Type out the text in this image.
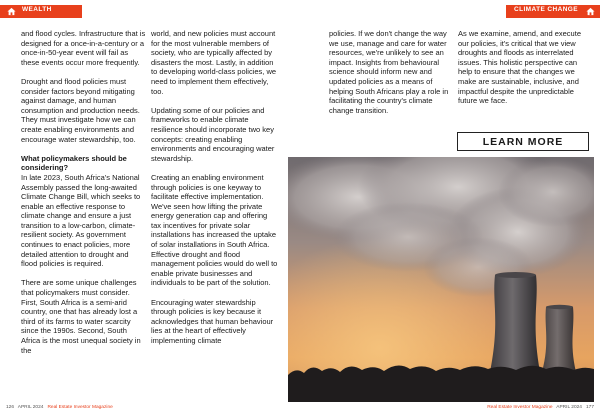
WEALTH	CLIMATE CHANGE

and flood cycles. Infrastructure that is designed for a once-in-a-century or a once-in-50-year event will fail as these events occur more frequently.

Drought and flood policies must consider factors beyond mitigating against damage, and human consumption and production needs. They must investigate how we can create enabling environments and encourage water stewardship, too.

What policymakers should be considering?

In late 2023, South Africa's National Assembly passed the long-awaited Climate Change Bill, which seeks to enable an effective response to climate change and ensure a just transition to a low-carbon, climate-resilient society. As government continues to enact policies, more detailed attention to drought and flood policies is required.

There are some unique challenges that policymakers must consider. First, South Africa is a semi-arid country, one that has already lost a third of its farms to water scarcity since the 1990s. Second, South Africa is the most unequal society in the

world, and new policies must account for the most vulnerable members of society, who are typically affected by disasters the most. Lastly, in addition to developing world-class policies, we need to implement them effectively, too.

Updating some of our policies and frameworks to enable climate resilience should incorporate two key concepts: creating enabling environments and encouraging water stewardship.

Creating an enabling environment through policies is one keyway to facilitate effective implementation. We've seen how lifting the private energy generation cap and offering tax incentives for private solar installations has increased the uptake of solar installations in South Africa. Effective drought and flood management policies would do well to enable private businesses and individuals to be part of the solution.

Encouraging water stewardship through policies is key because it acknowledges that human behaviour lies at the heart of effectively implementing climate

policies. If we don't change the way we use, manage and care for water resources, we're unlikely to see an impact. Insights from behavioural science should inform new and updated policies as a means of helping South Africans play a role in facilitating the country's climate change transition.

As we examine, amend, and execute our policies, it's critical that we view droughts and floods as interrelated issues. This holistic perspective can help to ensure that the changes we make are sustainable, inclusive, and impactful despite the unpredictable future we face.

LEARN MORE
126 APRIL 2024 Real Estate Investor Magazine	Real Estate Investor Magazine APRIL 2024 177
